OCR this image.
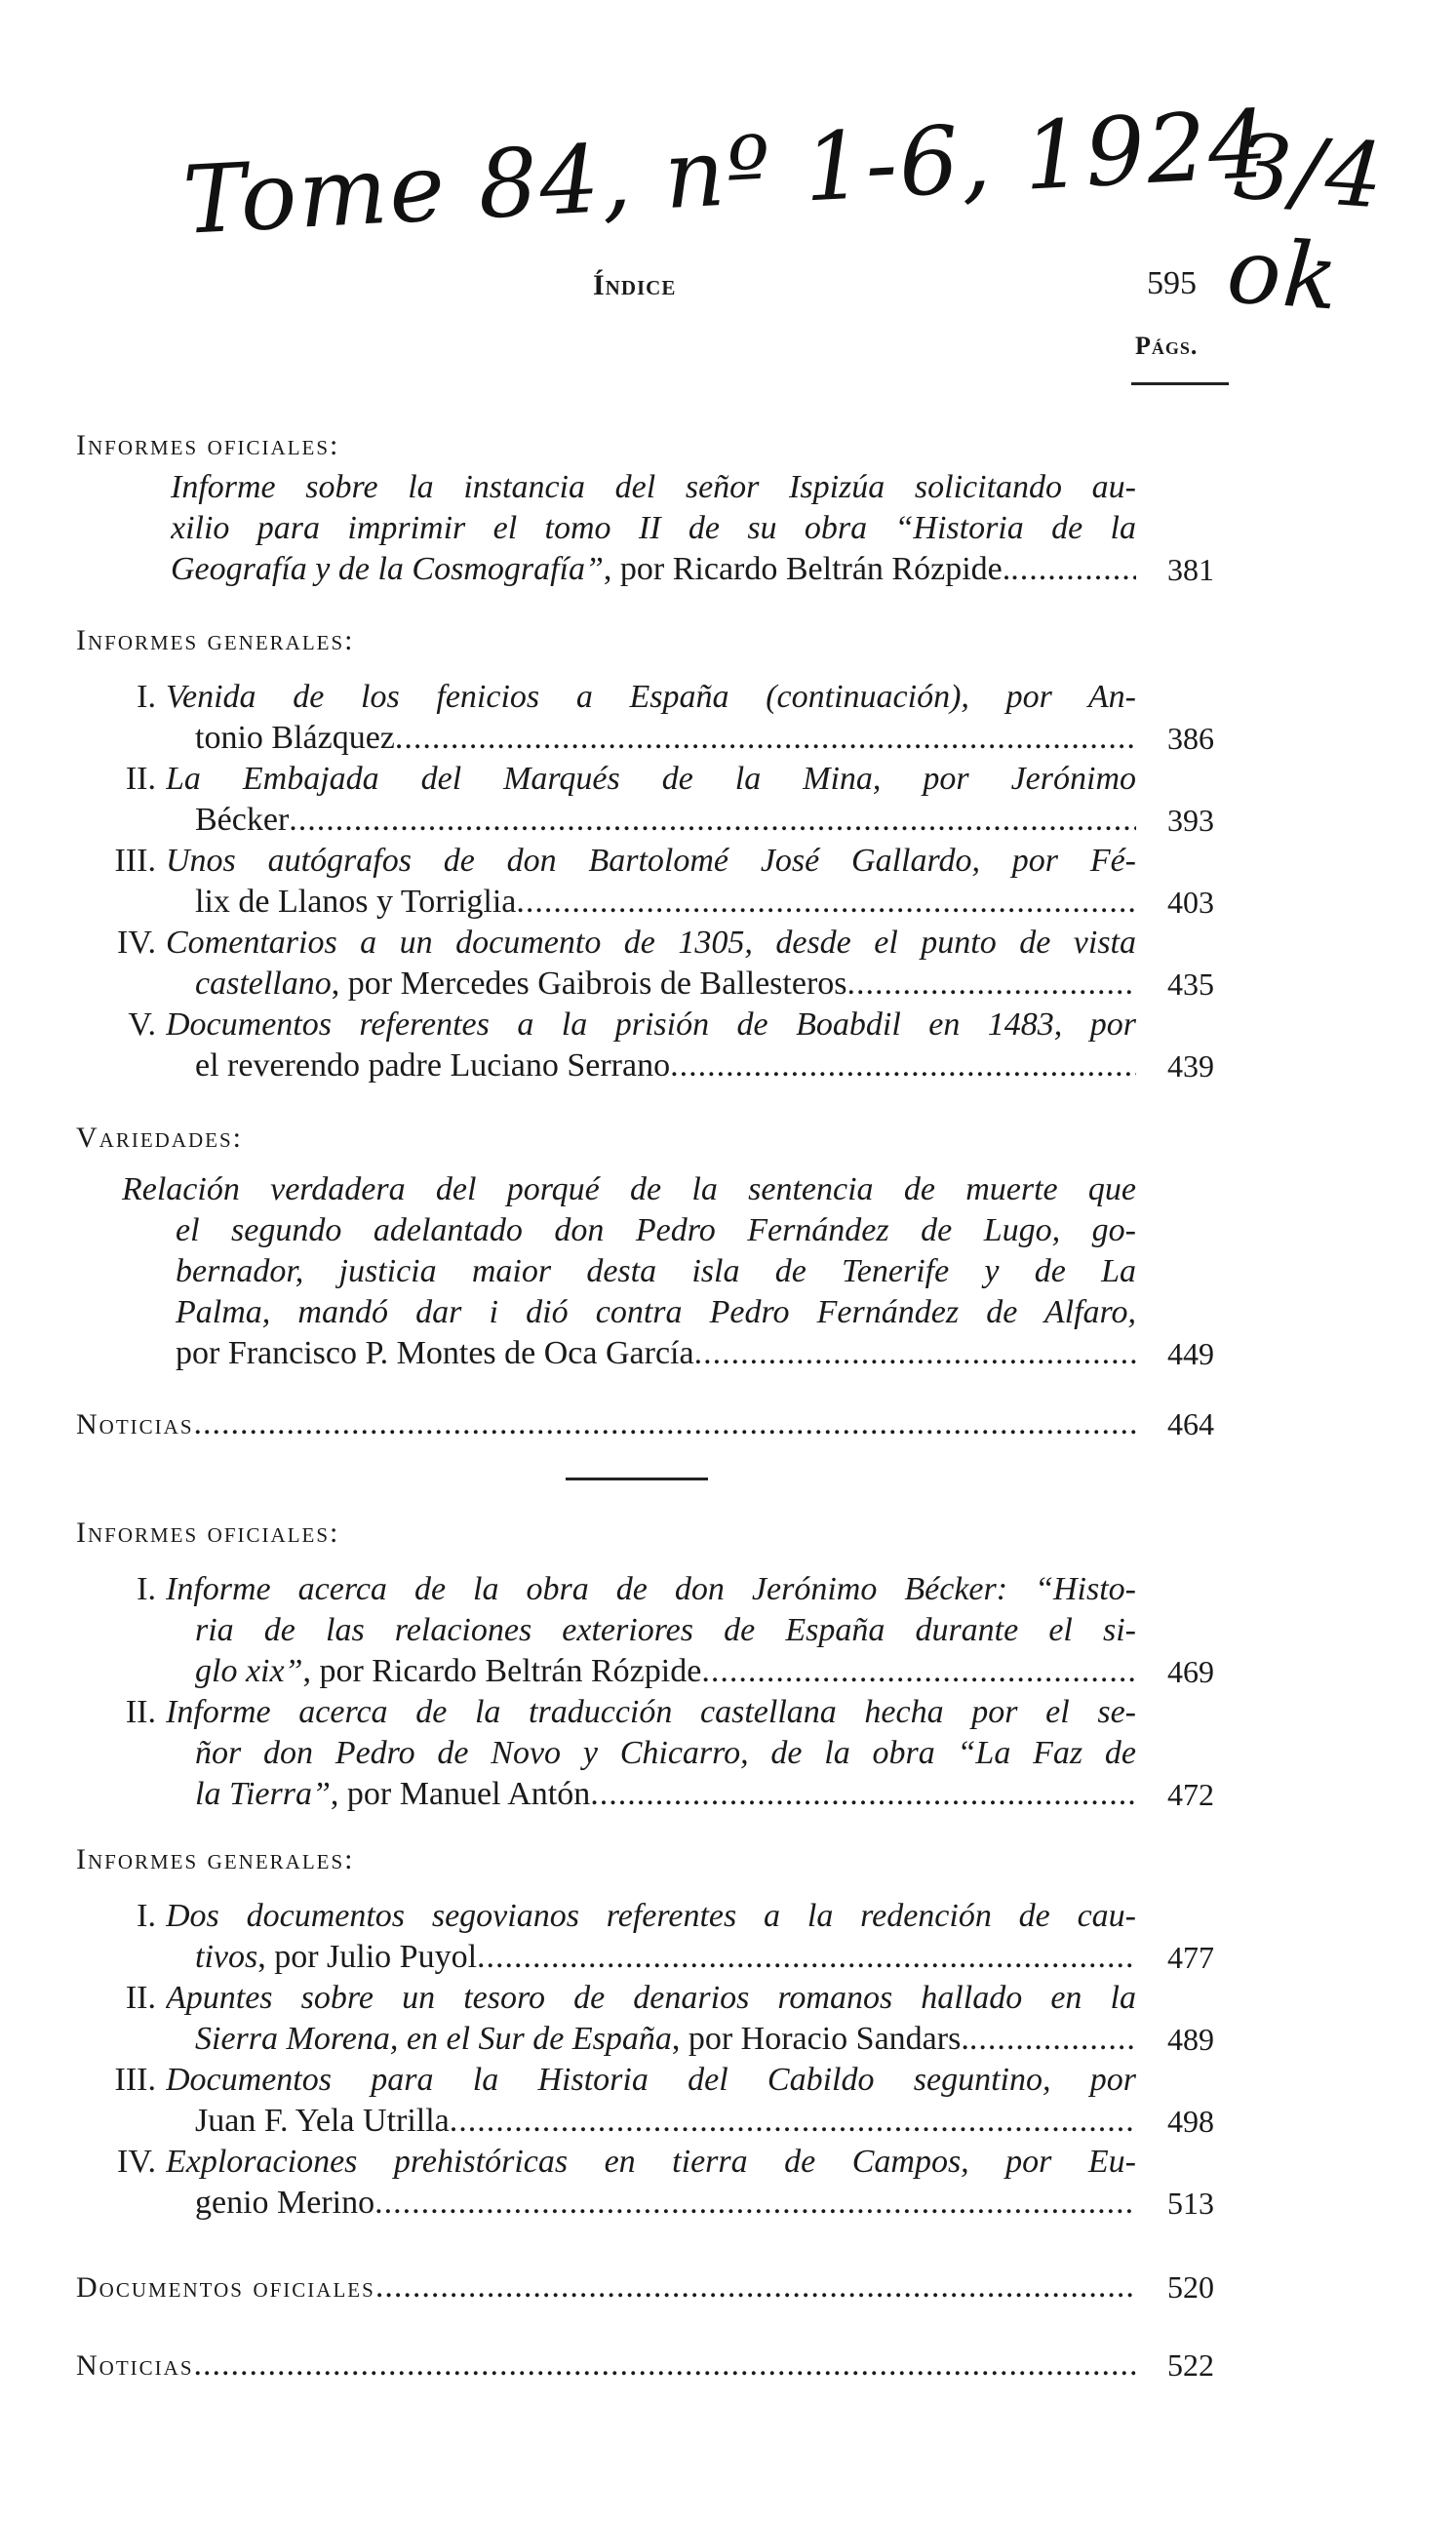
Tome 84, nº 1-6, 1924
3/4 ok
Índice	595
Págs.
Informes oficiales:
Informe sobre la instancia del señor Ispizúa solicitando au-
xilio para imprimir el tomo II de su obra “Historia de la
Geografía y de la Cosmografía” , por Ricardo Beltrán Rózpide. .....	381
Informes generales:
I. Venida de los fenicios a España (continuación), por An-
tonio Blázquez .....	386
II. La Embajada del Marqués de la Mina, por Jerónimo
Bécker .....	393
III. Unos autógrafos de don Bartolomé José Gallardo, por Fé-
lix de Llanos y Torriglia .....	403
IV. Comentarios a un documento de 1305, desde el punto de vista
castellano , por Mercedes Gaibrois de Ballesteros .....	435
V. Documentos referentes a la prisión de Boabdil en 1483, por
el reverendo padre Luciano Serrano .....	439
Variedades:
Relación verdadera del porqué de la sentencia de muerte que
el segundo adelantado don Pedro Fernández de Lugo, go-
bernador, justicia maior desta isla de Tenerife y de La
Palma, mandó dar i dió contra Pedro Fernández de Alfaro,
por Francisco P. Montes de Oca García .....	449
Noticias .....	464
Informes oficiales:
I. Informe acerca de la obra de don Jerónimo Bécker: “Histo-
ria de las relaciones exteriores de España durante el si-
glo xix” , por Ricardo Beltrán Rózpide .....	469
II. Informe acerca de la traducción castellana hecha por el se-
ñor don Pedro de Novo y Chicarro, de la obra “La Faz de
la Tierra” , por Manuel Antón .....	472
Informes generales:
I. Dos documentos segovianos referentes a la redención de cau-
tivos , por Julio Puyol .....	477
II. Apuntes sobre un tesoro de denarios romanos hallado en la
Sierra Morena, en el Sur de España , por Horacio Sandars. .....	489
III. Documentos para la Historia del Cabildo seguntino, por
Juan F. Yela Utrilla .....	498
IV. Exploraciones prehistóricas en tierra de Campos, por Eu-
genio Merino .....	513
Documentos oficiales .....	520
Noticias .....	522
